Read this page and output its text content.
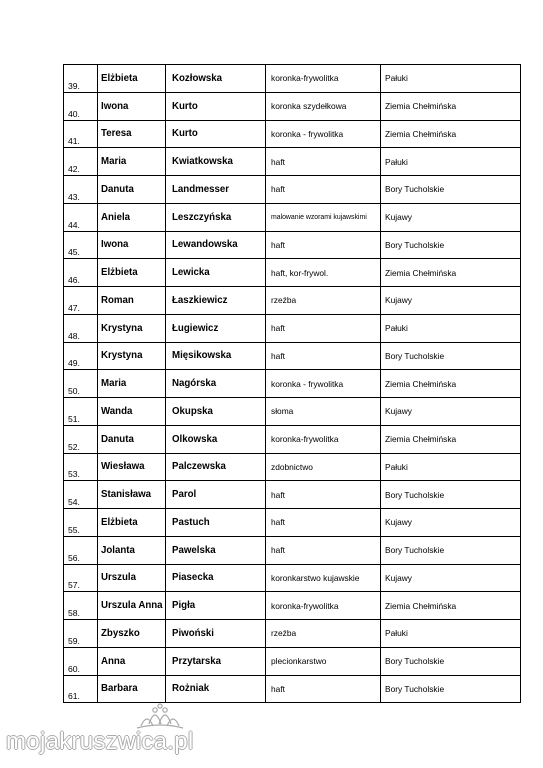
39.	Elżbieta	Kozłowska	koronka-frywolitka	Pałuki
40.	Iwona	Kurto	koronka szydełkowa	Ziemia Chełmińska
41.	Teresa	Kurto	koronka - frywolitka	Ziemia Chełmińska
42.	Maria	Kwiatkowska	haft	Pałuki
43.	Danuta	Landmesser	haft	Bory Tucholskie
44.	Aniela	Leszczyńska	malowanie wzorami kujawskimi	Kujawy
45.	Iwona	Lewandowska	haft	Bory Tucholskie
46.	Elżbieta	Lewicka	haft, kor-frywol.	Ziemia Chełmińska
47.	Roman	Łaszkiewicz	rzeźba	Kujawy
48.	Krystyna	Ługiewicz	haft	Pałuki
49.	Krystyna	Mięsikowska	haft	Bory Tucholskie
50.	Maria	Nagórska	koronka - frywolitka	Ziemia Chełmińska
51.	Wanda	Okupska	słoma	Kujawy
52.	Danuta	Olkowska	koronka-frywolitka	Ziemia Chełmińska
53.	Wiesława	Palczewska	zdobnictwo	Pałuki
54.	Stanisława	Parol	haft	Bory Tucholskie
55.	Elżbieta	Pastuch	haft	Kujawy
56.	Jolanta	Pawelska	haft	Bory Tucholskie
57.	Urszula	Piasecka	koronkarstwo kujawskie	Kujawy
58.	Urszula Anna	Pigła	koronka-frywolitka	Ziemia Chełmińska
59.	Zbyszko	Piwoński	rzeźba	Pałuki
60.	Anna	Przytarska	plecionkarstwo	Bory Tucholskie
61.	Barbara	Rożniak	haft	Bory Tucholskie
mojakruszwica.pl
